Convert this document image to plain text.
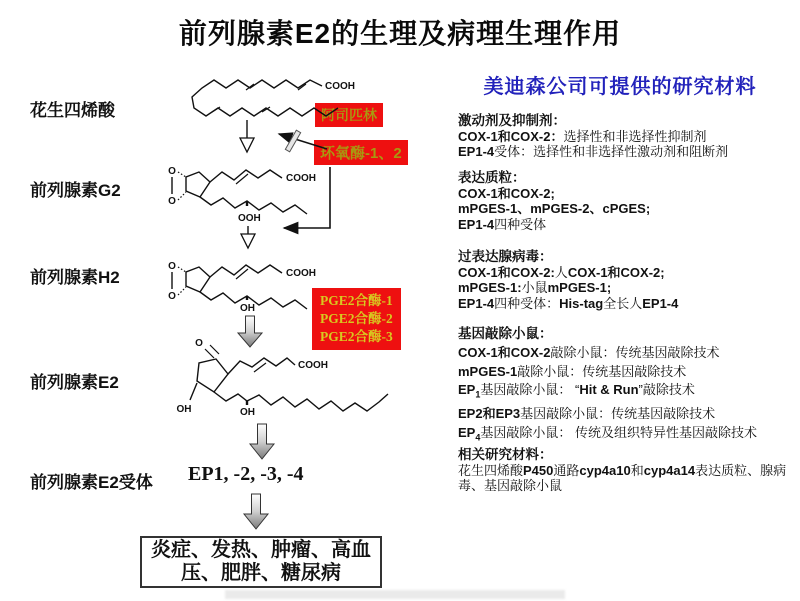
前列腺素E2的生理及病理生理作用
美迪森公司可提供的研究材料
激动剂及抑制剂：
COX-1和COX-2：选择性和非选择性抑制剂
EP1-4受体：选择性和非选择性激动剂和阻断剂
表达质粒：
COX-1和COX-2;
mPGES-1、mPGES-2、cPGES;
EP1-4四种受体
过表达腺病毒：
COX-1和COX-2:人COX-1和COX-2;
mPGES-1:小鼠mPGES-1;
EP1-4四种受体：His-tag全长人EP1-4
基因敲除小鼠：
COX-1和COX-2敲除小鼠：传统基因敲除技术
mPGES-1敲除小鼠：传统基因敲除技术
$EP_1$基因敲除小鼠： “Hit & Run”敲除技术
EP2和EP3基因敲除小鼠：传统基因敲除技术
$EP_4$基因敲除小鼠： 传统及组织特异性基因敲除技术
相关研究材料：
花生四烯酸P450通路cyp4a10和cyp4a14表达质粒、腺病毒、基因敲除小鼠
花生四烯酸
前列腺素G2
前列腺素H2
前列腺素E2
前列腺素E2受体 EP1, -2, -3, -4
阿司匹林
环氧酶-1、2
PGE2合酶-1
PGE2合酶-2
PGE2合酶-3
炎症、发热、肿瘤、高血
压、肥胖、糖尿病
COOH
O
O
COOH
OOH
O
O
COOH
OH
O
COOH
OH
OH
